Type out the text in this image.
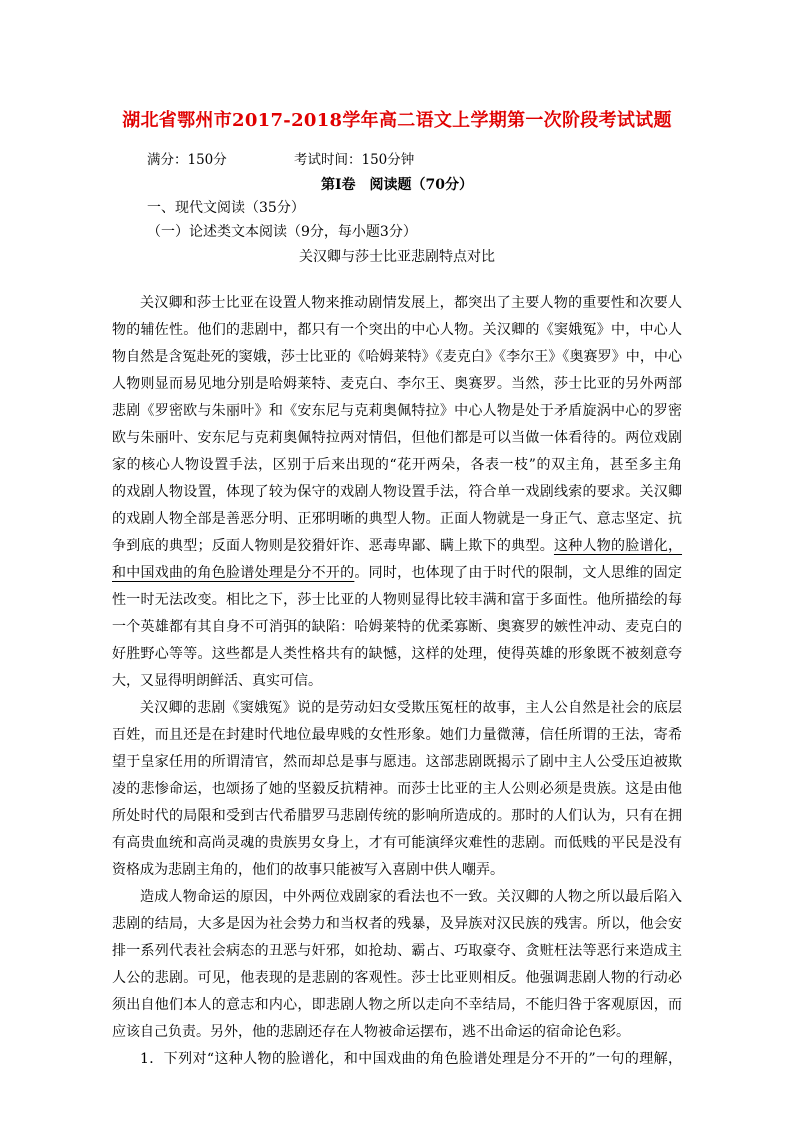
湖北省鄂州市2017-2018学年高二语文上学期第一次阶段考试试题
满分：150分	考试时间：150分钟
第Ⅰ卷　阅读题（70分）
一、现代文阅读（35分）
（一）论述类文本阅读（9分，每小题3分）
关汉卿与莎士比亚悲剧特点对比
关汉卿和莎士比亚在设置人物来推动剧情发展上，都突出了主要人物的重要性和次要人
物的辅佐性。他们的悲剧中，都只有一个突出的中心人物。关汉卿的《窦娥冤》中，中心人
物自然是含冤赴死的窦娥，莎士比亚的《哈姆莱特》《麦克白》《李尔王》《奥赛罗》中，中心
人物则显而易见地分别是哈姆莱特、麦克白、李尔王、奥赛罗。当然，莎士比亚的另外两部
悲剧《罗密欧与朱丽叶》和《安东尼与克莉奥佩特拉》中心人物是处于矛盾旋涡中心的罗密
欧与朱丽叶、安东尼与克莉奥佩特拉两对情侣，但他们都是可以当做一体看待的。两位戏剧
家的核心人物设置手法，区别于后来出现的“花开两朵，各表一枝”的双主角，甚至多主角
的戏剧人物设置，体现了较为保守的戏剧人物设置手法，符合单一戏剧线索的要求。关汉卿
的戏剧人物全部是善恶分明、正邪明晰的典型人物。正面人物就是一身正气、意志坚定、抗
争到底的典型；反面人物则是狡猾奸诈、恶毒卑鄙、瞒上欺下的典型。这种人物的脸谱化，
和中国戏曲的角色脸谱处理是分不开的。同时，也体现了由于时代的限制，文人思维的固定
性一时无法改变。相比之下，莎士比亚的人物则显得比较丰满和富于多面性。他所描绘的每
一个英雄都有其自身不可消弭的缺陷：哈姆莱特的优柔寡断、奥赛罗的嫉性冲动、麦克白的
好胜野心等等。这些都是人类性格共有的缺憾，这样的处理，使得英雄的形象既不被刻意夸
大，又显得明朗鲜活、真实可信。
关汉卿的悲剧《窦娥冤》说的是劳动妇女受欺压冤枉的故事，主人公自然是社会的底层
百姓，而且还是在封建时代地位最卑贱的女性形象。她们力量微薄，信任所谓的王法，寄希
望于皇家任用的所谓清官，然而却总是事与愿违。这部悲剧既揭示了剧中主人公受压迫被欺
凌的悲惨命运，也颂扬了她的坚毅反抗精神。而莎士比亚的主人公则必须是贵族。这是由他
所处时代的局限和受到古代希腊罗马悲剧传统的影响所造成的。那时的人们认为，只有在拥
有高贵血统和高尚灵魂的贵族男女身上，才有可能演绎灾难性的悲剧。而低贱的平民是没有
资格成为悲剧主角的，他们的故事只能被写入喜剧中供人嘲弄。
造成人物命运的原因，中外两位戏剧家的看法也不一致。关汉卿的人物之所以最后陷入
悲剧的结局，大多是因为社会势力和当权者的残暴，及异族对汉民族的残害。所以，他会安
排一系列代表社会病态的丑恶与奸邪，如抢劫、霸占、巧取豪夺、贪赃枉法等恶行来造成主
人公的悲剧。可见，他表现的是悲剧的客观性。莎士比亚则相反。他强调悲剧人物的行动必
须出自他们本人的意志和内心，即悲剧人物之所以走向不幸结局，不能归咎于客观原因，而
应该自己负责。另外，他的悲剧还存在人物被命运摆布，逃不出命运的宿命论色彩。
1．下列对“这种人物的脸谱化，和中国戏曲的角色脸谱处理是分不开的”一句的理解，
